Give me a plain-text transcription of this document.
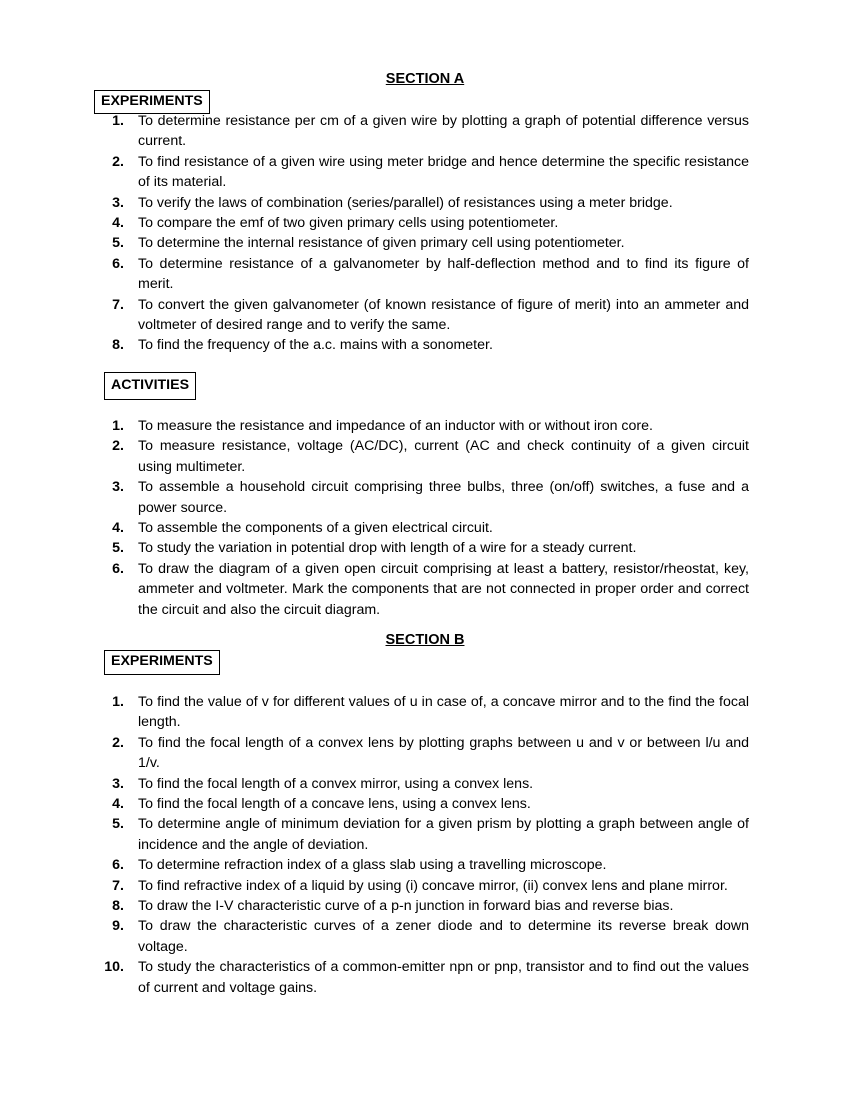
SECTION A
EXPERIMENTS
1. To determine resistance per cm of a given wire by plotting a graph of potential difference versus current.
2. To find resistance of a given wire using meter bridge and hence determine the specific resistance of its material.
3. To verify the laws of combination (series/parallel) of resistances using a meter bridge.
4. To compare the emf of two given primary cells using potentiometer.
5. To determine the internal resistance of given primary cell using potentiometer.
6. To determine resistance of a galvanometer by half-deflection method and to find its figure of merit.
7. To convert the given galvanometer (of known resistance of figure of merit) into an ammeter and voltmeter of desired range and to verify the same.
8. To find the frequency of the a.c. mains with a sonometer.
ACTIVITIES
1. To measure the resistance and impedance of an inductor with or without iron core.
2. To measure resistance, voltage (AC/DC), current (AC and check continuity of a given circuit using multimeter.
3. To assemble a household circuit comprising three bulbs, three (on/off) switches, a fuse and a power source.
4. To assemble the components of a given electrical circuit.
5. To study the variation in potential drop with length of a wire for a steady current.
6. To draw the diagram of a given open circuit comprising at least a battery, resistor/rheostat, key, ammeter and voltmeter. Mark the components that are not connected in proper order and correct the circuit and also the circuit diagram.
SECTION B
EXPERIMENTS
1. To find the value of v for different values of u in case of, a concave mirror and to the find the focal length.
2. To find the focal length of a convex lens by plotting graphs between u and v or between l/u and 1/v.
3. To find the focal length of a convex mirror, using a convex lens.
4. To find the focal length of a concave lens, using a convex lens.
5. To determine angle of minimum deviation for a given prism by plotting a graph between angle of incidence and the angle of deviation.
6. To determine refraction index of a glass slab using a travelling microscope.
7. To find refractive index of a liquid by using (i) concave mirror, (ii) convex lens and plane mirror.
8. To draw the I-V characteristic curve of a p-n junction in forward bias and reverse bias.
9. To draw the characteristic curves of a zener diode and to determine its reverse break down voltage.
10. To study the characteristics of a common-emitter npn or pnp, transistor and to find out the values of current and voltage gains.
